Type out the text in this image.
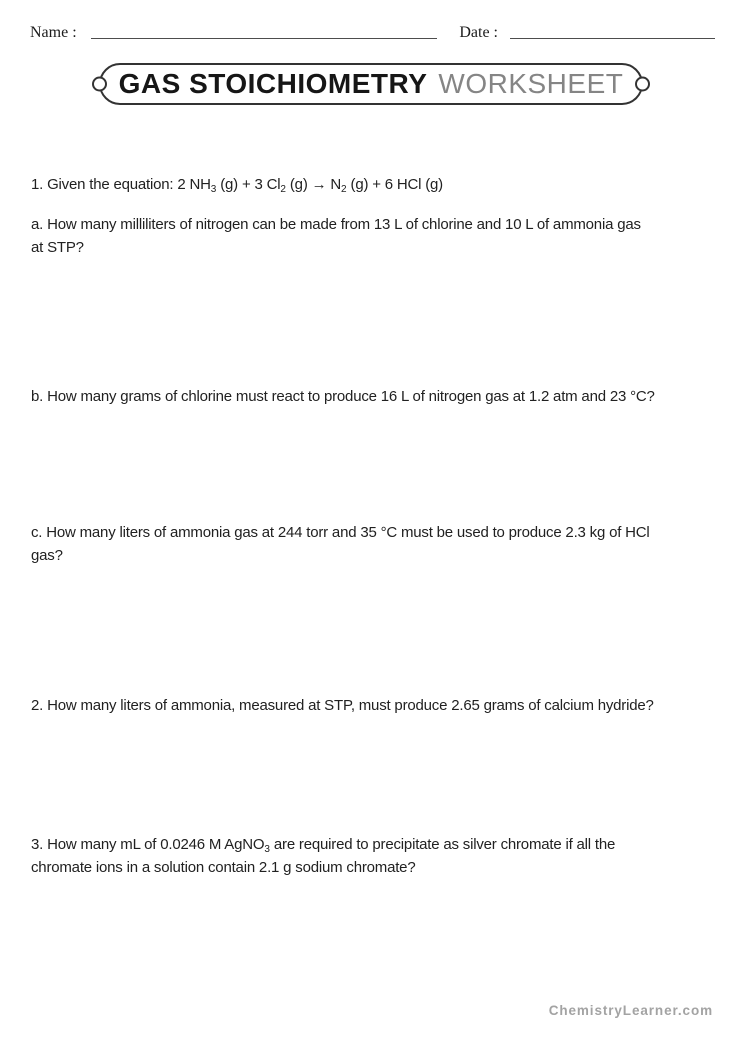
Name :	Date :
GAS STOICHIOMETRY WORKSHEET

1. Given the equation: 2 $NH_3$ (g) + 3 $Cl_2$ $(g) \to N_2$ (g) + 6 HCl (g)

a. How many milliliters of nitrogen can be made from 13 L of chlorine and 10 L of ammonia gas
at STP?

b. How many grams of chlorine must react to produce 16 L of nitrogen gas at 1.2 atm and 23 °C?

c. How many liters of ammonia gas at 244 torr and 35 °C must be used to produce 2.3 kg of HCl
gas?

2. How many liters of ammonia, measured at STP, must produce 2.65 grams of calcium hydride?

3. How many mL of 0.0246 M AgNO$_3$ are required to precipitate as silver chromate if all the
chromate ions in a solution contain 2.1 g sodium chromate?

ChemistryLearner.com
